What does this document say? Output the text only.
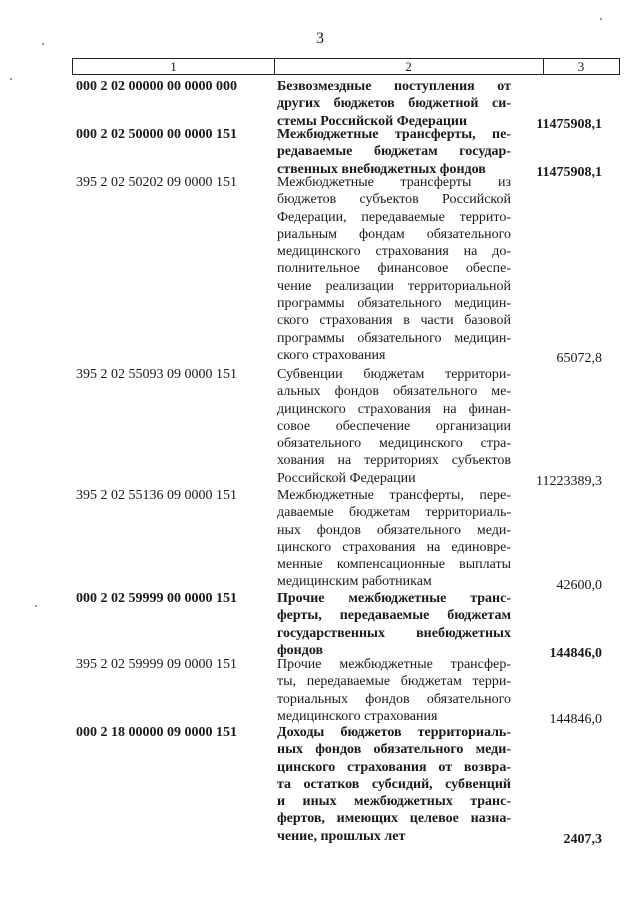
3
1	2	3
000 2 02 00000 00 0000 000	Безвозмездные поступления от
других бюджетов бюджетной си-
стемы Российской Федерации	11475908,1
000 2 02 50000 00 0000 151	Межбюджетные трансферты, пе-
редаваемые бюджетам государ-
ственных внебюджетных фондов	11475908,1
395 2 02 50202 09 0000 151	Межбюджетные трансферты из
бюджетов субъектов Российской
Федерации, передаваемые террито-
риальным фондам обязательного
медицинского страхования на до-
полнительное финансовое обеспе-
чение реализации территориальной
программы обязательного медицин-
ского страхования в части базовой
программы обязательного медицин-
ского страхования	65072,8
395 2 02 55093 09 0000 151	Субвенции бюджетам территори-
альных фондов обязательного ме-
дицинского страхования на финан-
совое обеспечение организации
обязательного медицинского стра-
хования на территориях субъектов
Российской Федерации	11223389,3
395 2 02 55136 09 0000 151	Межбюджетные трансферты, пере-
даваемые бюджетам территориаль-
ных фондов обязательного меди-
цинского страхования на единовре-
менные компенсационные выплаты
медицинским работникам	42600,0
000 2 02 59999 00 0000 151	Прочие межбюджетные транс-
ферты, передаваемые бюджетам
государственных внебюджетных
фондов	144846,0
395 2 02 59999 09 0000 151	Прочие межбюджетные трансфер-
ты, передаваемые бюджетам терри-
ториальных фондов обязательного
медицинского страхования	144846,0
000 2 18 00000 09 0000 151	Доходы бюджетов территориаль-
ных фондов обязательного меди-
цинского страхования от возвра-
та остатков субсидий, субвенций
и иных межбюджетных транс-
фертов, имеющих целевое назна-
чение, прошлых лет	2407,3
